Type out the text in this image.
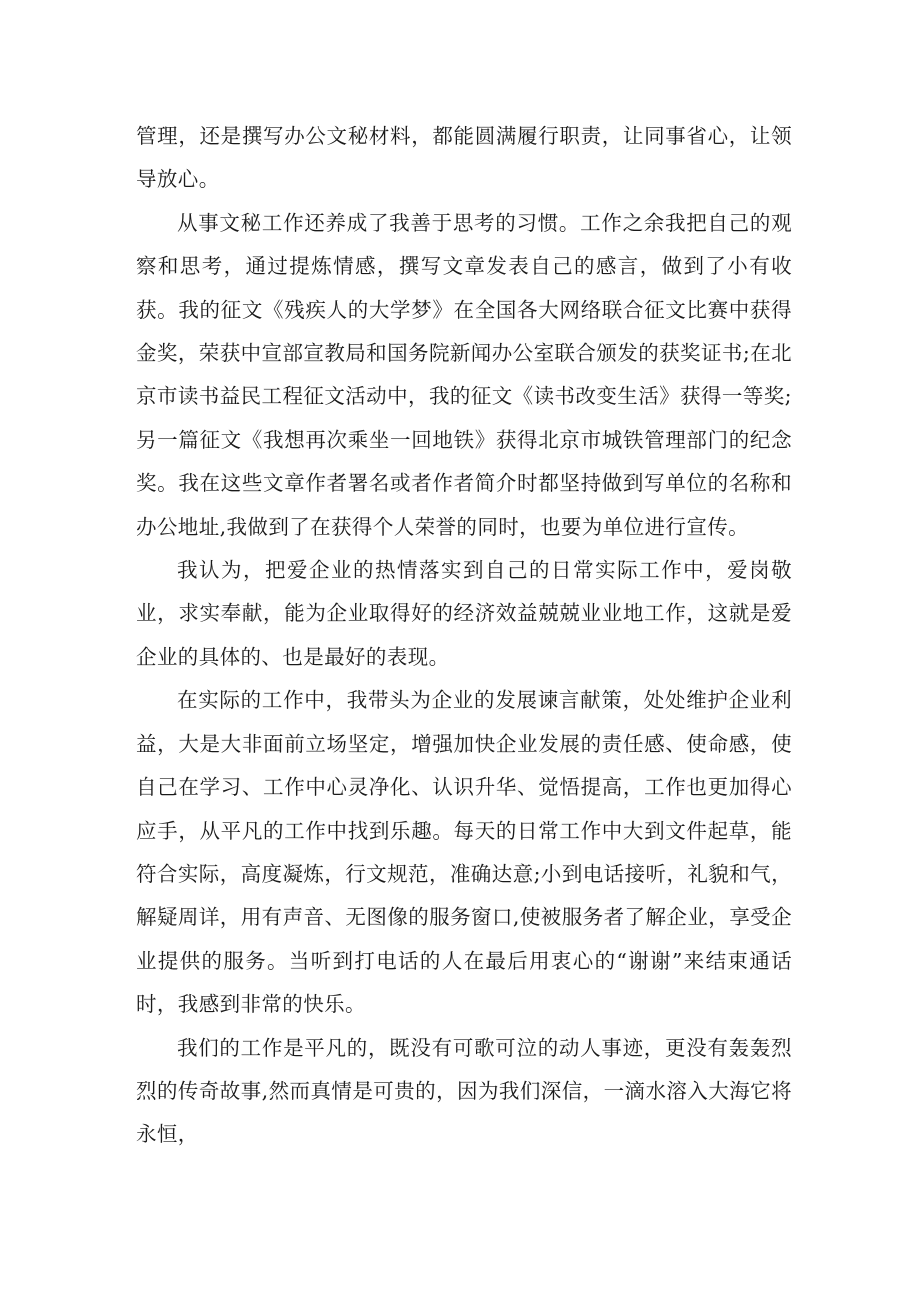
管理，还是撰写办公文秘材料，都能圆满履行职责，让同事省心，让领导放心。

从事文秘工作还养成了我善于思考的习惯。工作之余我把自己的观察和思考，通过提炼情感，撰写文章发表自己的感言，做到了小有收获。我的征文《残疾人的大学梦》在全国各大网络联合征文比赛中获得金奖，荣获中宣部宣教局和国务院新闻办公室联合颁发的获奖证书;在北京市读书益民工程征文活动中，我的征文《读书改变生活》获得一等奖;另一篇征文《我想再次乘坐一回地铁》获得北京市城铁管理部门的纪念奖。我在这些文章作者署名或者作者简介时都坚持做到写单位的名称和办公地址,我做到了在获得个人荣誉的同时，也要为单位进行宣传。

我认为，把爱企业的热情落实到自己的日常实际工作中，爱岗敬业，求实奉献，能为企业取得好的经济效益兢兢业业地工作，这就是爱企业的具体的、也是最好的表现。

在实际的工作中，我带头为企业的发展谏言献策，处处维护企业利益，大是大非面前立场坚定，增强加快企业发展的责任感、使命感，使自己在学习、工作中心灵净化、认识升华、觉悟提高，工作也更加得心应手，从平凡的工作中找到乐趣。每天的日常工作中大到文件起草，能符合实际，高度凝炼，行文规范，准确达意;小到电话接听，礼貌和气，解疑周详，用有声音、无图像的服务窗口,使被服务者了解企业，享受企业提供的服务。当听到打电话的人在最后用衷心的“谢谢”来结束通话时，我感到非常的快乐。

我们的工作是平凡的，既没有可歌可泣的动人事迹，更没有轰轰烈烈的传奇故事,然而真情是可贵的，因为我们深信，一滴水溶入大海它将永恒，
